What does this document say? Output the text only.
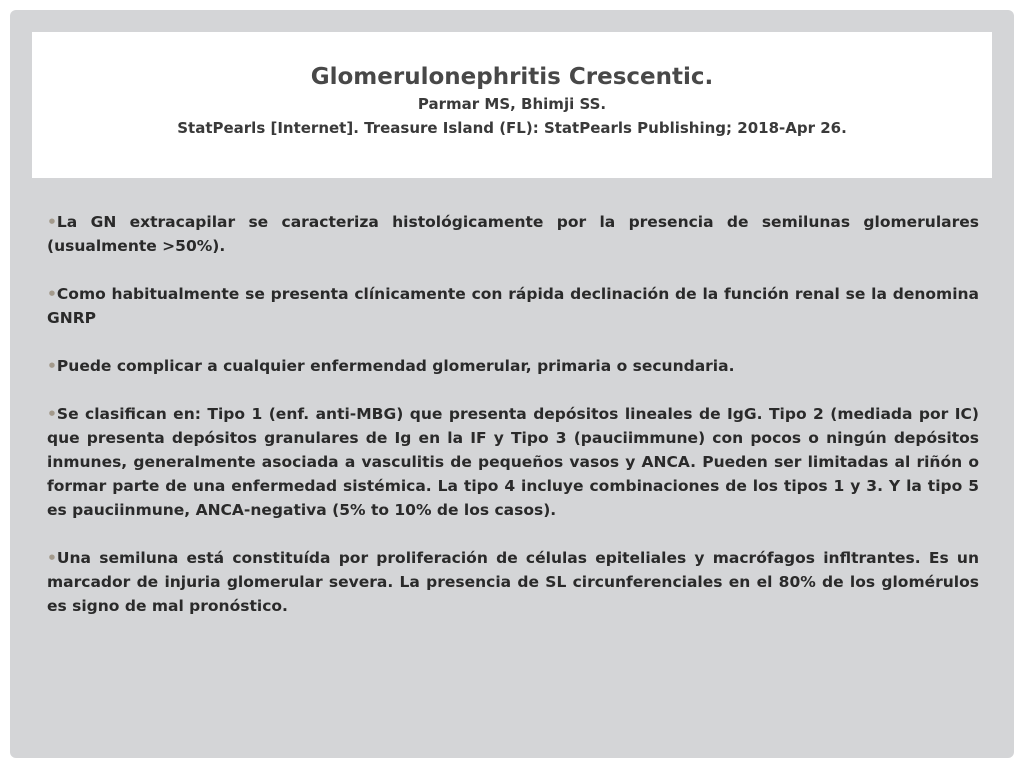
Glomerulonephritis Crescentic.

Parmar MS, Bhimji SS.

StatPearls [Internet]. Treasure Island (FL): StatPearls Publishing; 2018-Apr 26.

•La GN extracapilar se caracteriza histológicamente por la presencia de semilunas glomerulares (usualmente >50%).

•Como habitualmente se presenta clínicamente con rápida declinación de la función renal se la denomina GNRP

•Puede complicar a cualquier enfermendad glomerular, primaria o secundaria.

•Se clasifican en: Tipo 1 (enf. anti-MBG) que presenta depósitos lineales de IgG. Tipo 2 (mediada por IC) que presenta depósitos granulares de Ig en la IF y Tipo 3 (pauciimmune) con pocos o ningún depósitos inmunes, generalmente asociada a vasculitis de pequeños vasos y ANCA. Pueden ser limitadas al riñón o formar parte de una enfermedad sistémica. La tipo 4 incluye combinaciones de los tipos 1 y 3. Y la tipo 5 es pauciinmune, ANCA-negativa (5% to 10% de los casos).

•Una semiluna está constituída por proliferación de células epiteliales y macrófagos infltrantes. Es un marcador de injuria glomerular severa. La presencia de SL circunferenciales en el 80% de los glomérulos es signo de mal pronóstico.
